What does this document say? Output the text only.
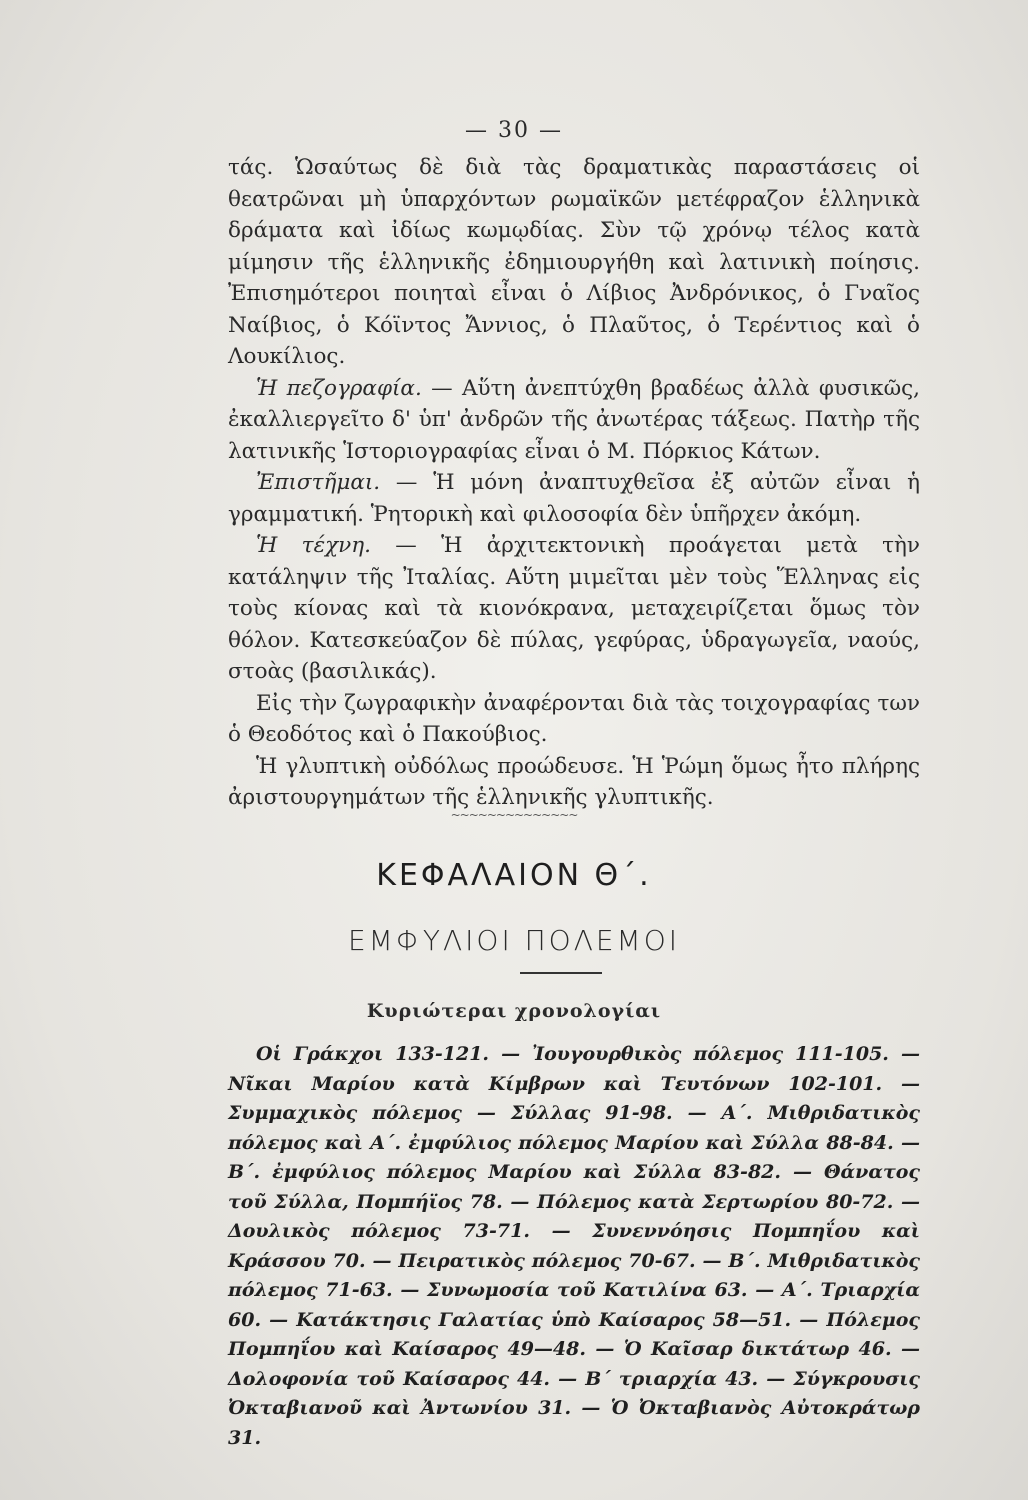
— 30 —

τάς. Ὡσαύτως δὲ διὰ τὰς δραματικὰς παραστάσεις οἱ θεατρῶναι μὴ ὑπαρχόντων ρωμαϊκῶν μετέφραζον ἑλληνικὰ δράματα καὶ ἰδίως κωμῳδίας. Σὺν τῷ χρόνῳ τέλος κατὰ μίμησιν τῆς ἑλληνικῆς ἐδημιουργήθη καὶ λατινικὴ ποίησις. Ἐπισημότεροι ποιηταὶ εἶναι ὁ Λίβιος Ἀνδρόνικος, ὁ Γναῖος Ναίβιος, ὁ Κόϊντος Ἄννιος, ὁ Πλαῦτος, ὁ Τερέντιος καὶ ὁ Λουκίλιος.

Ἡ πεζογραφία. — Αὕτη ἀνεπτύχθη βραδέως ἀλλὰ φυσικῶς, ἐκαλλιεργεῖτο δ' ὑπ' ἀνδρῶν τῆς ἀνωτέρας τάξεως. Πατὴρ τῆς λατινικῆς Ἱστοριογραφίας εἶναι ὁ Μ. Πόρκιος Κάτων.

Ἐπιστῆμαι. — Ἡ μόνη ἀναπτυχθεῖσα ἐξ αὐτῶν εἶναι ἡ γραμματική. Ῥητορικὴ καὶ φιλοσοφία δὲν ὑπῆρχεν ἀκόμη.

Ἡ τέχνη. — Ἡ ἀρχιτεκτονικὴ προάγεται μετὰ τὴν κατάληψιν τῆς Ἰταλίας. Αὕτη μιμεῖται μὲν τοὺς Ἕλληνας εἰς τοὺς κίονας καὶ τὰ κιονόκρανα, μεταχειρίζεται ὅμως τὸν θόλον. Κατεσκεύαζον δὲ πύλας, γεφύρας, ὑδραγωγεῖα, ναούς, στοὰς (βασιλικάς).

Εἰς τὴν ζωγραφικὴν ἀναφέρονται διὰ τὰς τοιχογραφίας των ὁ Θεοδότος καὶ ὁ Πακούβιος.

Ἡ γλυπτικὴ οὐδόλως προώδευσε. Ἡ Ῥώμη ὅμως ἦτο πλήρης ἀριστουργημάτων τῆς ἑλληνικῆς γλυπτικῆς.

~~~~~~~~~~~~~~
ΚΕΦΑΛΑΙΟΝ Θ΄.
ΕΜΦΥΛΙΟΙ ΠΟΛΕΜΟΙ
Κυριώτεραι χρονολογίαι

Οἱ Γράκχοι 133-121. — Ἰουγουρθικὸς πόλεμος 111-105. — Νῖκαι Μαρίου κατὰ Κίμβρων καὶ Τευτόνων 102-101. — Συμμαχικὸς πόλεμος — Σύλλας 91-98. — Α΄. Μιθριδατικὸς πόλεμος καὶ Α΄. ἐμφύλιος πόλεμος Μαρίου καὶ Σύλλα 88-84. — Β΄. ἐμφύλιος πόλεμος Μαρίου καὶ Σύλλα 83-82. — Θάνατος τοῦ Σύλλα, Πομπήϊος 78. — Πόλεμος κατὰ Σερτωρίου 80-72. — Δουλικὸς πόλεμος 73-71. — Συνεννόησις Πομπηΐου καὶ Κράσσου 70. — Πειρατικὸς πόλεμος 70-67. — Β΄. Μιθριδατικὸς πόλεμος 71-63. — Συνωμοσία τοῦ Κατιλίνα 63. — Α΄. Τριαρχία 60. — Κατάκτησις Γαλατίας ὑπὸ Καίσαρος 58—51. — Πόλεμος Πομπηΐου καὶ Καίσαρος 49—48. — Ὁ Καῖσαρ δικτάτωρ 46. — Δολοφονία τοῦ Καίσαρος 44. — Β΄ τριαρχία 43. — Σύγκρουσις Ὀκταβιανοῦ καὶ Ἀντωνίου 31. — Ὁ Ὀκταβιανὸς Αὐτοκράτωρ 31.
